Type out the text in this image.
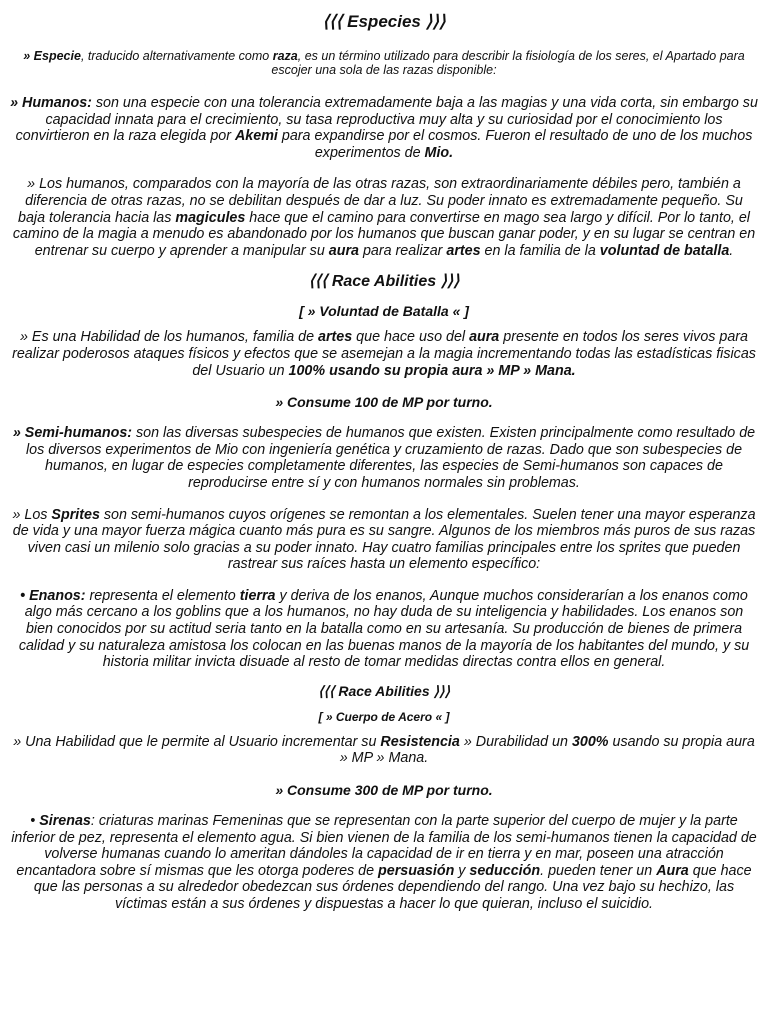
⟨⟨⟨ Especies ⟩⟩⟩

» Especie, traducido alternativamente como raza, es un término utilizado para describir la fisiología de los seres, el Apartado para escojer una sola de las razas disponible:

» Humanos: son una especie con una tolerancia extremadamente baja a las magias y una vida corta, sin embargo su capacidad innata para el crecimiento, su tasa reproductiva muy alta y su curiosidad por el conocimiento los convirtieron en la raza elegida por Akemi para expandirse por el cosmos. Fueron el resultado de uno de los muchos experimentos de Mio.

» Los humanos, comparados con la mayoría de las otras razas, son extraordinariamente débiles pero, también a diferencia de otras razas, no se debilitan después de dar a luz. Su poder innato es extremadamente pequeño. Su baja tolerancia hacia las magicules hace que el camino para convertirse en mago sea largo y difícil. Por lo tanto, el camino de la magia a menudo es abandonado por los humanos que buscan ganar poder, y en su lugar se centran en entrenar su cuerpo y aprender a manipular su aura para realizar artes en la familia de la voluntad de batalla.

⟨⟨⟨ Race Abilities ⟩⟩⟩
[ » Voluntad de Batalla « ]

» Es una Habilidad de los humanos, familia de artes que hace uso del aura presente en todos los seres vivos para realizar poderosos ataques físicos y efectos que se asemejan a la magia incrementando todas las estadísticas fisicas del Usuario un 100% usando su propia aura » MP » Mana.

» Consume 100 de MP por turno.

» Semi-humanos: son las diversas subespecies de humanos que existen. Existen principalmente como resultado de los diversos experimentos de Mio con ingeniería genética y cruzamiento de razas. Dado que son subespecies de humanos, en lugar de especies completamente diferentes, las especies de Semi-humanos son capaces de reproducirse entre sí y con humanos normales sin problemas.

» Los Sprites son semi-humanos cuyos orígenes se remontan a los elementales. Suelen tener una mayor esperanza de vida y una mayor fuerza mágica cuanto más pura es su sangre. Algunos de los miembros más puros de sus razas viven casi un milenio solo gracias a su poder innato. Hay cuatro familias principales entre los sprites que pueden rastrear sus raíces hasta un elemento específico:

• Enanos: representa el elemento tierra y deriva de los enanos, Aunque muchos considerarían a los enanos como algo más cercano a los goblins que a los humanos, no hay duda de su inteligencia y habilidades. Los enanos son bien conocidos por su actitud seria tanto en la batalla como en su artesanía. Su producción de bienes de primera calidad y su naturaleza amistosa los colocan en las buenas manos de la mayoría de los habitantes del mundo, y su historia militar invicta disuade al resto de tomar medidas directas contra ellos en general.

⟨⟨⟨ Race Abilities ⟩⟩⟩
[ » Cuerpo de Acero « ]

» Una Habilidad que le permite al Usuario incrementar su Resistencia » Durabilidad un 300% usando su propia aura » MP » Mana.

» Consume 300 de MP por turno.

• Sirenas: criaturas marinas Femeninas que se representan con la parte superior del cuerpo de mujer y la parte inferior de pez, representa el elemento agua. Si bien vienen de la familia de los semi-humanos tienen la capacidad de volverse humanas cuando lo ameritan dándoles la capacidad de ir en tierra y en mar, poseen una atracción encantadora sobre sí mismas que les otorga poderes de persuasión y seducción. pueden tener un Aura que hace que las personas a su alrededor obedezcan sus órdenes dependiendo del rango. Una vez bajo su hechizo, las víctimas están a sus órdenes y dispuestas a hacer lo que quieran, incluso el suicidio.
